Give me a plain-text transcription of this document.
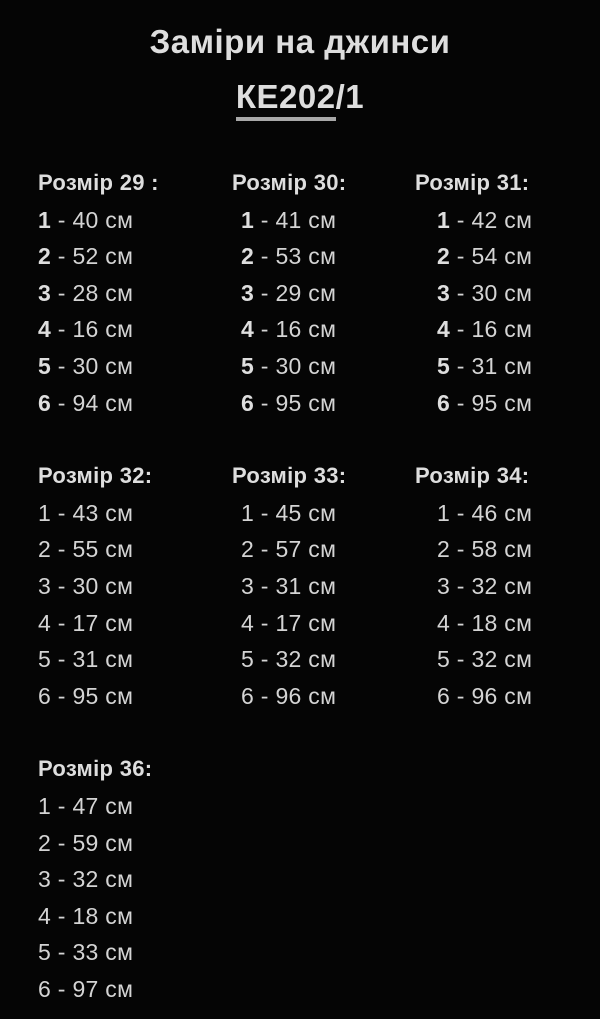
Заміри на джинси
КЕ202/1
Розмір 29 :
1 - 40 см
2 - 52 см
3 - 28 см
4 - 16 см
5 - 30 см
6 - 94 см
Розмір 30:
1 - 41 см
2 - 53 см
3 - 29 см
4 - 16 см
5 - 30 см
6 - 95 см
Розмір 31:
1 - 42 см
2 - 54 см
3 - 30 см
4 - 16 см
5 - 31 см
6 - 95 см
Розмір 32:
1 - 43 см
2 - 55 см
3 - 30 см
4 - 17 см
5 - 31 см
6 - 95 см
Розмір 33:
1 - 45 см
2 - 57 см
3 - 31 см
4 - 17 см
5 - 32 см
6 - 96 см
Розмір 34:
1 - 46 см
2 - 58 см
3 - 32 см
4 - 18 см
5 - 32 см
6 - 96 см
Розмір 36:
1 - 47 см
2 - 59 см
3 - 32 см
4 - 18 см
5 - 33 см
6 - 97 см
